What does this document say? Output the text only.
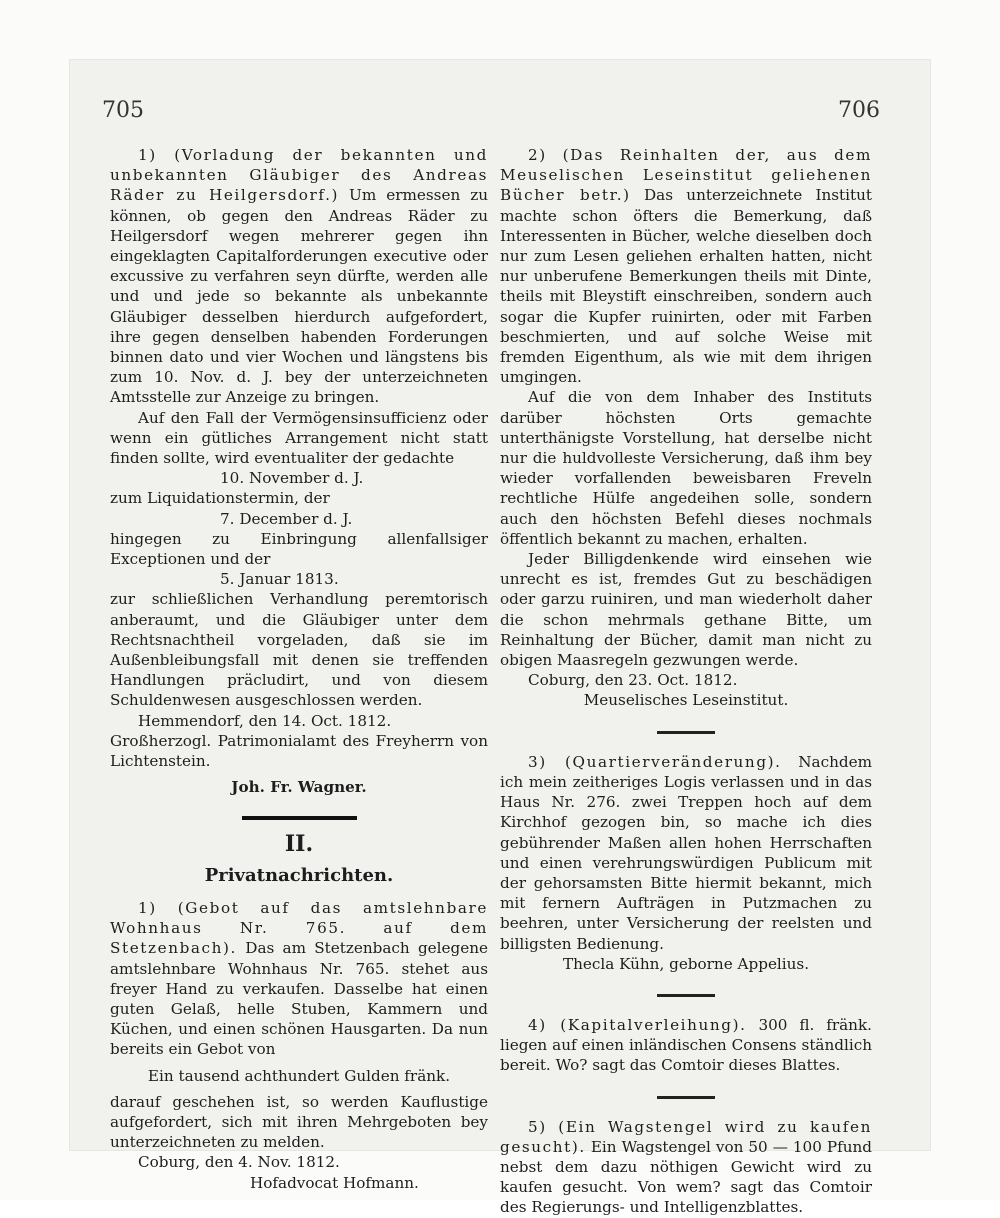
705	706

1) (Vorladung der bekannten und unbekannten Gläubiger des Andreas Räder zu Heilgersdorf.) Um ermessen zu können, ob gegen den Andreas Räder zu Heilgersdorf wegen mehrerer gegen ihn eingeklagten Capitalforderungen executive oder excussive zu verfahren seyn dürfte, werden alle und und jede so bekannte als unbekannte Gläubiger desselben hierdurch aufgefordert, ihre gegen denselben habenden Forderungen binnen dato und vier Wochen und längstens bis zum 10. Nov. d. J. bey der unterzeichneten Amtsstelle zur Anzeige zu bringen.

Auf den Fall der Vermögensinsufficienz oder wenn ein gütliches Arrangement nicht statt finden sollte, wird eventualiter der gedachte

10. November d. J.

zum Liquidationstermin, der

7. December d. J.

hingegen zu Einbringung allenfallsiger Exceptionen und der

5. Januar 1813.

zur schließlichen Verhandlung peremtorisch anberaumt, und die Gläubiger unter dem Rechtsnachtheil vorgeladen, daß sie im Außenbleibungsfall mit denen sie treffenden Handlungen präcludirt, und von diesem Schuldenwesen ausgeschlossen werden.

Hemmendorf, den 14. Oct. 1812.

Großherzogl. Patrimonialamt des Freyherrn von Lichtenstein.

Joh. Fr. Wagner.

II.
Privatnachrichten.

1) (Gebot auf das amtslehnbare Wohnhaus Nr. 765. auf dem Stetzenbach). Das am Stetzenbach gelegene amtslehnbare Wohnhaus Nr. 765. stehet aus freyer Hand zu verkaufen. Dasselbe hat einen guten Gelaß, helle Stuben, Kammern und Küchen, und einen schönen Hausgarten. Da nun bereits ein Gebot von

Ein tausend achthundert Gulden fränk.

darauf geschehen ist, so werden Kauflustige aufgefordert, sich mit ihren Mehrgeboten bey unterzeichneten zu melden.

Coburg, den 4. Nov. 1812.

Hofadvocat Hofmann.

2) (Das Reinhalten der, aus dem Meuselischen Leseinstitut geliehenen Bücher betr.) Das unterzeichnete Institut machte schon öfters die Bemerkung, daß Interessenten in Bücher, welche dieselben doch nur zum Lesen geliehen erhalten hatten, nicht nur unberufene Bemerkungen theils mit Dinte, theils mit Bleystift einschreiben, sondern auch sogar die Kupfer ruinirten, oder mit Farben beschmierten, und auf solche Weise mit fremden Eigenthum, als wie mit dem ihrigen umgingen.

Auf die von dem Inhaber des Instituts darüber höchsten Orts gemachte unterthänigste Vorstellung, hat derselbe nicht nur die huldvolleste Versicherung, daß ihm bey wieder vorfallenden beweisbaren Freveln rechtliche Hülfe angedeihen solle, sondern auch den höchsten Befehl dieses nochmals öffentlich bekannt zu machen, erhalten.

Jeder Billigdenkende wird einsehen wie unrecht es ist, fremdes Gut zu beschädigen oder garzu ruiniren, und man wiederholt daher die schon mehrmals gethane Bitte, um Reinhaltung der Bücher, damit man nicht zu obigen Maasregeln gezwungen werde.

Coburg, den 23. Oct. 1812.

Meuselisches Leseinstitut.

3) (Quartierveränderung). Nachdem ich mein zeitheriges Logis verlassen und in das Haus Nr. 276. zwei Treppen hoch auf dem Kirchhof gezogen bin, so mache ich dies gebührender Maßen allen hohen Herrschaften und einen verehrungswürdigen Publicum mit der gehorsamsten Bitte hiermit bekannt, mich mit fernern Aufträgen in Putzmachen zu beehren, unter Versicherung der reelsten und billigsten Bedienung.

Thecla Kühn, geborne Appelius.

4) (Kapitalverleihung). 300 fl. fränk. liegen auf einen inländischen Consens ständlich bereit. Wo? sagt das Comtoir dieses Blattes.

5) (Ein Wagstengel wird zu kaufen gesucht). Ein Wagstengel von 50 — 100 Pfund nebst dem dazu nöthigen Gewicht wird zu kaufen gesucht. Von wem? sagt das Comtoir des Regierungs- und Intelligenzblattes.
